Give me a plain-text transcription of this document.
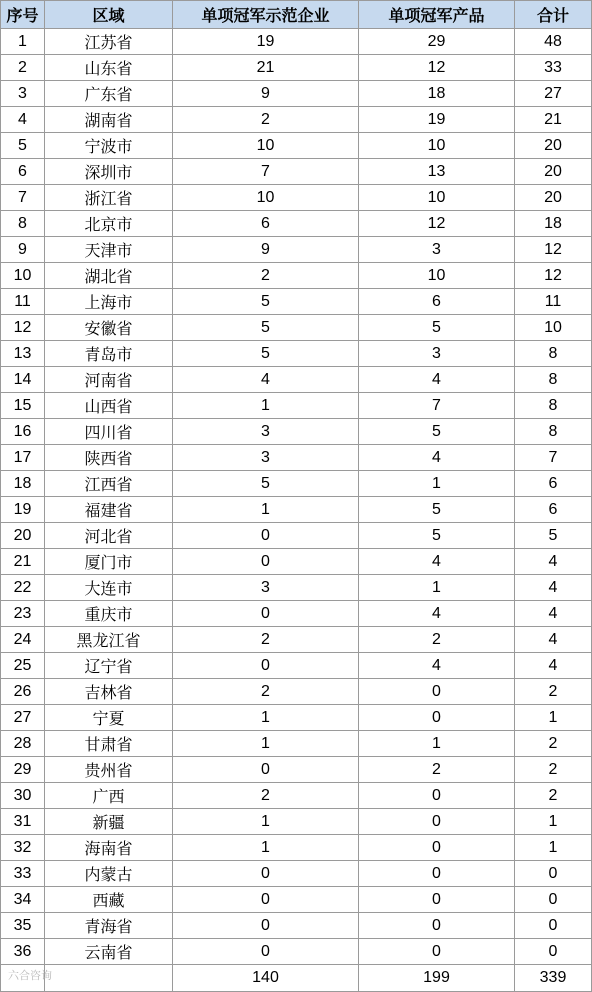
序号	区域	单项冠军示范企业	单项冠军产品	合计
1	江苏省	19	29	48
2	山东省	21	12	33
3	广东省	9	18	27
4	湖南省	2	19	21
5	宁波市	10	10	20
6	深圳市	7	13	20
7	浙江省	10	10	20
8	北京市	6	12	18
9	天津市	9	3	12
10	湖北省	2	10	12
11	上海市	5	6	11
12	安徽省	5	5	10
13	青岛市	5	3	8
14	河南省	4	4	8
15	山西省	1	7	8
16	四川省	3	5	8
17	陕西省	3	4	7
18	江西省	5	1	6
19	福建省	1	5	6
20	河北省	0	5	5
21	厦门市	0	4	4
22	大连市	3	1	4
23	重庆市	0	4	4
24	黑龙江省	2	2	4
25	辽宁省	0	4	4
26	吉林省	2	0	2
27	宁夏	1	0	1
28	甘肃省	1	1	2
29	贵州省	0	2	2
30	广西	2	0	2
31	新疆	1	0	1
32	海南省	1	0	1
33	内蒙古	0	0	0
34	西藏	0	0	0
35	青海省	0	0	0
36	云南省	0	0	0
		140	199	339
六合咨询
